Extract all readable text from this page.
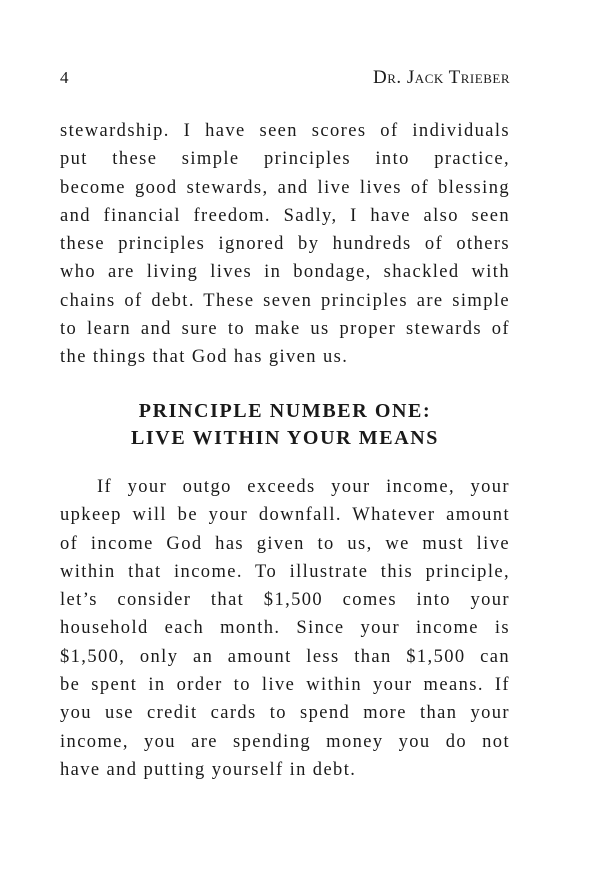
4	Dr. Jack Trieber

stewardship. I have seen scores of individuals
put these simple principles into practice,
become good stewards, and live lives of blessing
and financial freedom. Sadly, I have also seen
these principles ignored by hundreds of others
who are living lives in bondage, shackled with
chains of debt. These seven principles are simple
to learn and sure to make us proper stewards of
the things that God has given us.

PRINCIPLE NUMBER ONE:
LIVE WITHIN YOUR MEANS

If your outgo exceeds your income, your
upkeep will be your downfall. Whatever amount
of income God has given to us, we must live
within that income. To illustrate this principle,
let’s consider that $1,500 comes into your
household each month. Since your income is
$1,500, only an amount less than $1,500 can
be spent in order to live within your means. If
you use credit cards to spend more than your
income, you are spending money you do not
have and putting yourself in debt.
